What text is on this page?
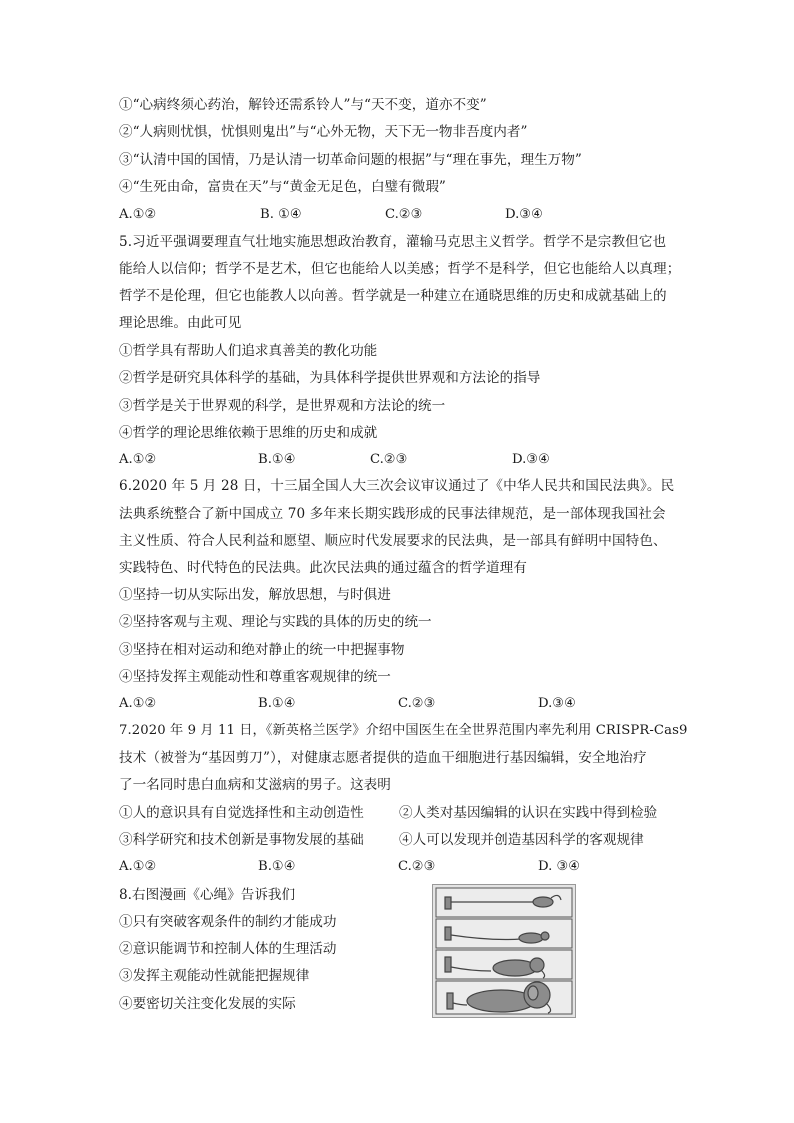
①“心病终须心药治，解铃还需系铃人”与“天不变，道亦不变”
②“人病则忧惧，忧惧则鬼出”与“心外无物，天下无一物非吾度内者”
③“认清中国的国情，乃是认清一切革命问题的根据”与“理在事先，理生万物”
④“生死由命，富贵在天”与“黄金无足色，白璧有微瑕”
A.①②	B. ①④	C.②③	D.③④
5.习近平强调要理直气壮地实施思想政治教育，灌输马克思主义哲学。哲学不是宗教但它也
能给人以信仰；哲学不是艺术，但它也能给人以美感；哲学不是科学，但它也能给人以真理；
哲学不是伦理，但它也能教人以向善。哲学就是一种建立在通晓思维的历史和成就基础上的
理论思维。由此可见
①哲学具有帮助人们追求真善美的教化功能
②哲学是研究具体科学的基础，为具体科学提供世界观和方法论的指导
③哲学是关于世界观的科学，是世界观和方法论的统一
④哲学的理论思维依赖于思维的历史和成就
A.①②	B.①④	C.②③	D.③④
6.2020 年 5 月 28 日，十三届全国人大三次会议审议通过了《中华人民共和国民法典》。民
法典系统整合了新中国成立 70 多年来长期实践形成的民事法律规范，是一部体现我国社会
主义性质、符合人民利益和愿望、顺应时代发展要求的民法典，是一部具有鲜明中国特色、
实践特色、时代特色的民法典。此次民法典的通过蕴含的哲学道理有
①坚持一切从实际出发，解放思想，与时俱进
②坚持客观与主观、理论与实践的具体的历史的统一
③坚持在相对运动和绝对静止的统一中把握事物
④坚持发挥主观能动性和尊重客观规律的统一
A.①②	B.①④	C.②③	D.③④
7.2020 年 9 月 11 日，《新英格兰医学》介绍中国医生在全世界范围内率先利用 CRISPR-Cas9
技术（被誉为“基因剪刀”），对健康志愿者提供的造血干细胞进行基因编辑，安全地治疗
了一名同时患白血病和艾滋病的男子。这表明
①人的意识具有自觉选择性和主动创造性	②人类对基因编辑的认识在实践中得到检验
③科学研究和技术创新是事物发展的基础	④人可以发现并创造基因科学的客观规律
A.①②	B.①④	C.②③	D. ③④
8.右图漫画《心绳》告诉我们
①只有突破客观条件的制约才能成功
②意识能调节和控制人体的生理活动
③发挥主观能动性就能把握规律
④要密切关注变化发展的实际
